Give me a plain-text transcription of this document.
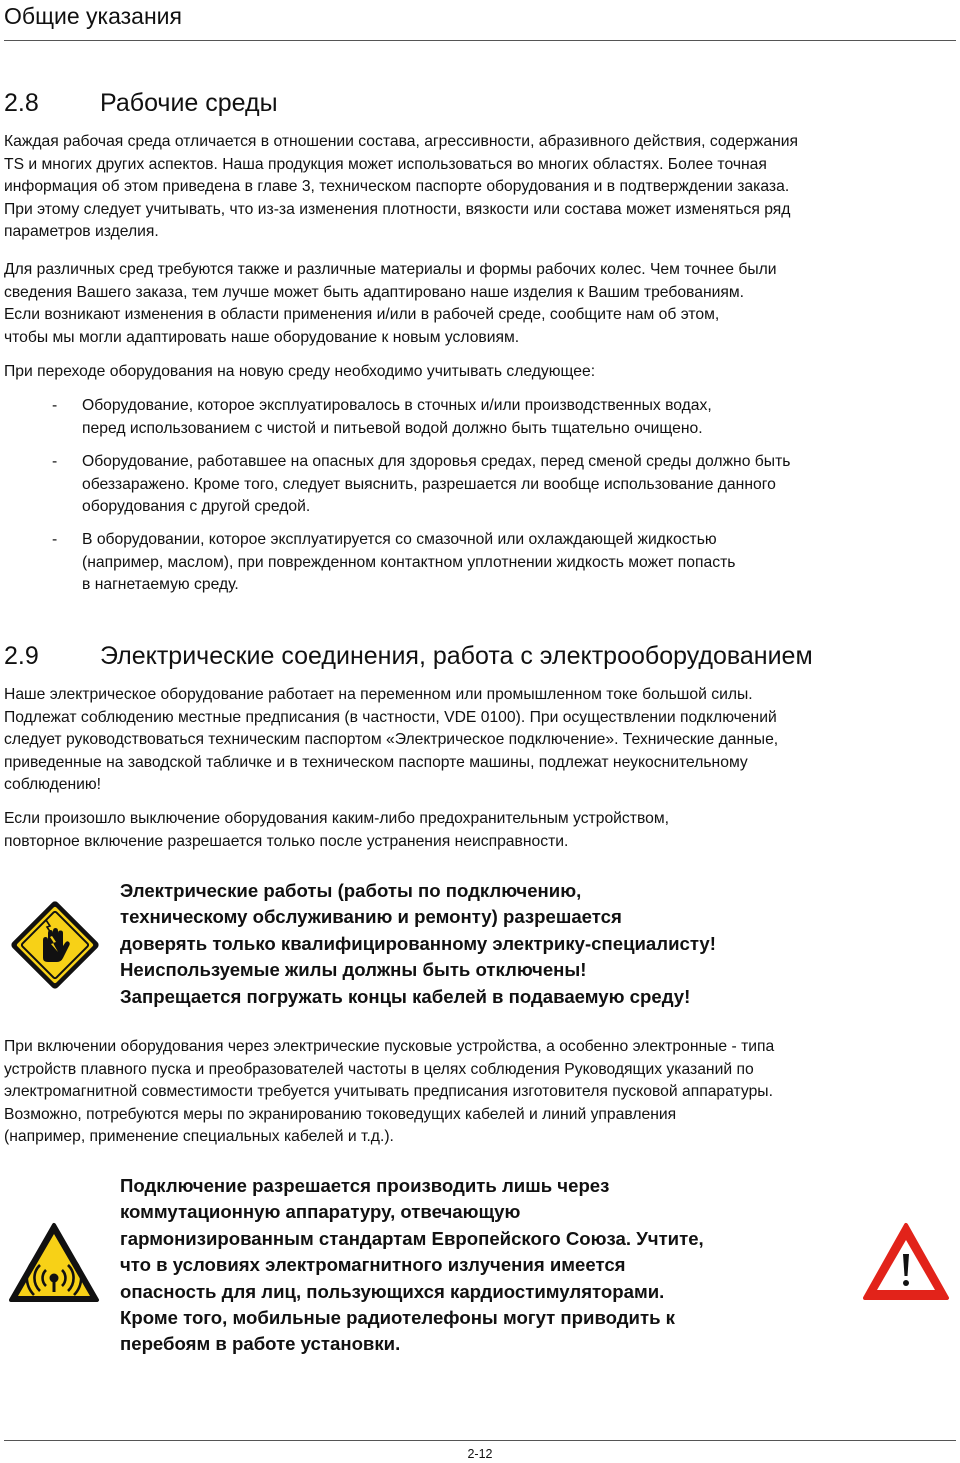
Общие указания
2.8 Рабочие среды
Каждая рабочая среда отличается в отношении состава, агрессивности, абразивного действия, содержания
TS и многих других аспектов. Наша продукция может использоваться во многих областях. Более точная
информация об этом приведена в главе 3, техническом паспорте оборудования и в подтверждении заказа.
При этому следует учитывать, что из-за изменения плотности, вязкости или состава может изменяться ряд
параметров изделия.
Для различных сред требуются также и различные материалы и формы рабочих колес. Чем точнее были
сведения Вашего заказа, тем лучше может быть адаптировано наше изделия к Вашим требованиям.
Если возникают изменения в области применения и/или в рабочей среде, сообщите нам об этом,
чтобы мы могли адаптировать наше оборудование к новым условиям.
При переходе оборудования на новую среду необходимо учитывать следующее:
- Оборудование, которое эксплуатировалось в сточных и/или производственных водах,
перед использованием с чистой и питьевой водой должно быть тщательно очищено.
- Оборудование, работавшее на опасных для здоровья средах, перед сменой среды должно быть
обеззаражено. Кроме того, следует выяснить, разрешается ли вообще использование данного
оборудования с другой средой.
- В оборудовании, которое эксплуатируется со смазочной или охлаждающей жидкостью
(например, маслом), при поврежденном контактном уплотнении жидкость может попасть
в нагнетаемую среду.
2.9 Электрические соединения, работа с электрооборудованием
Наше электрическое оборудование работает на переменном или промышленном токе большой силы.
Подлежат соблюдению местные предписания (в частности, VDE 0100). При осуществлении подключений
следует руководствоваться техническим паспортом «Электрическое подключение». Технические данные,
приведенные на заводской табличке и в техническом паспорте машины, подлежат неукоснительному
соблюдению!
Если произошло выключение оборудования каким-либо предохранительным устройством,
повторное включение разрешается только после устранения неисправности.
Электрические работы (работы по подключению,
техническому обслуживанию и ремонту) разрешается
доверять только квалифицированному электрику-специалисту!
Неиспользуемые жилы должны быть отключены!
Запрещается погружать концы кабелей в подаваемую среду!
При включении оборудования через электрические пусковые устройства, а особенно электронные - типа
устройств плавного пуска и преобразователей частоты в целях соблюдения Руководящих указаний по
электромагнитной совместимости требуется учитывать предписания изготовителя пусковой аппаратуры.
Возможно, потребуются меры по экранированию токоведущих кабелей и линий управления
(например, применение специальных кабелей и т.д.).
Подключение разрешается производить лишь через
коммутационную аппаратуру, отвечающую
гармонизированным стандартам Европейского Союза. Учтите,
что в условиях электромагнитного излучения имеется
опасность для лиц, пользующихся кардиостимуляторами.
Кроме того, мобильные радиотелефоны могут приводить к
перебоям в работе установки.
2-12
